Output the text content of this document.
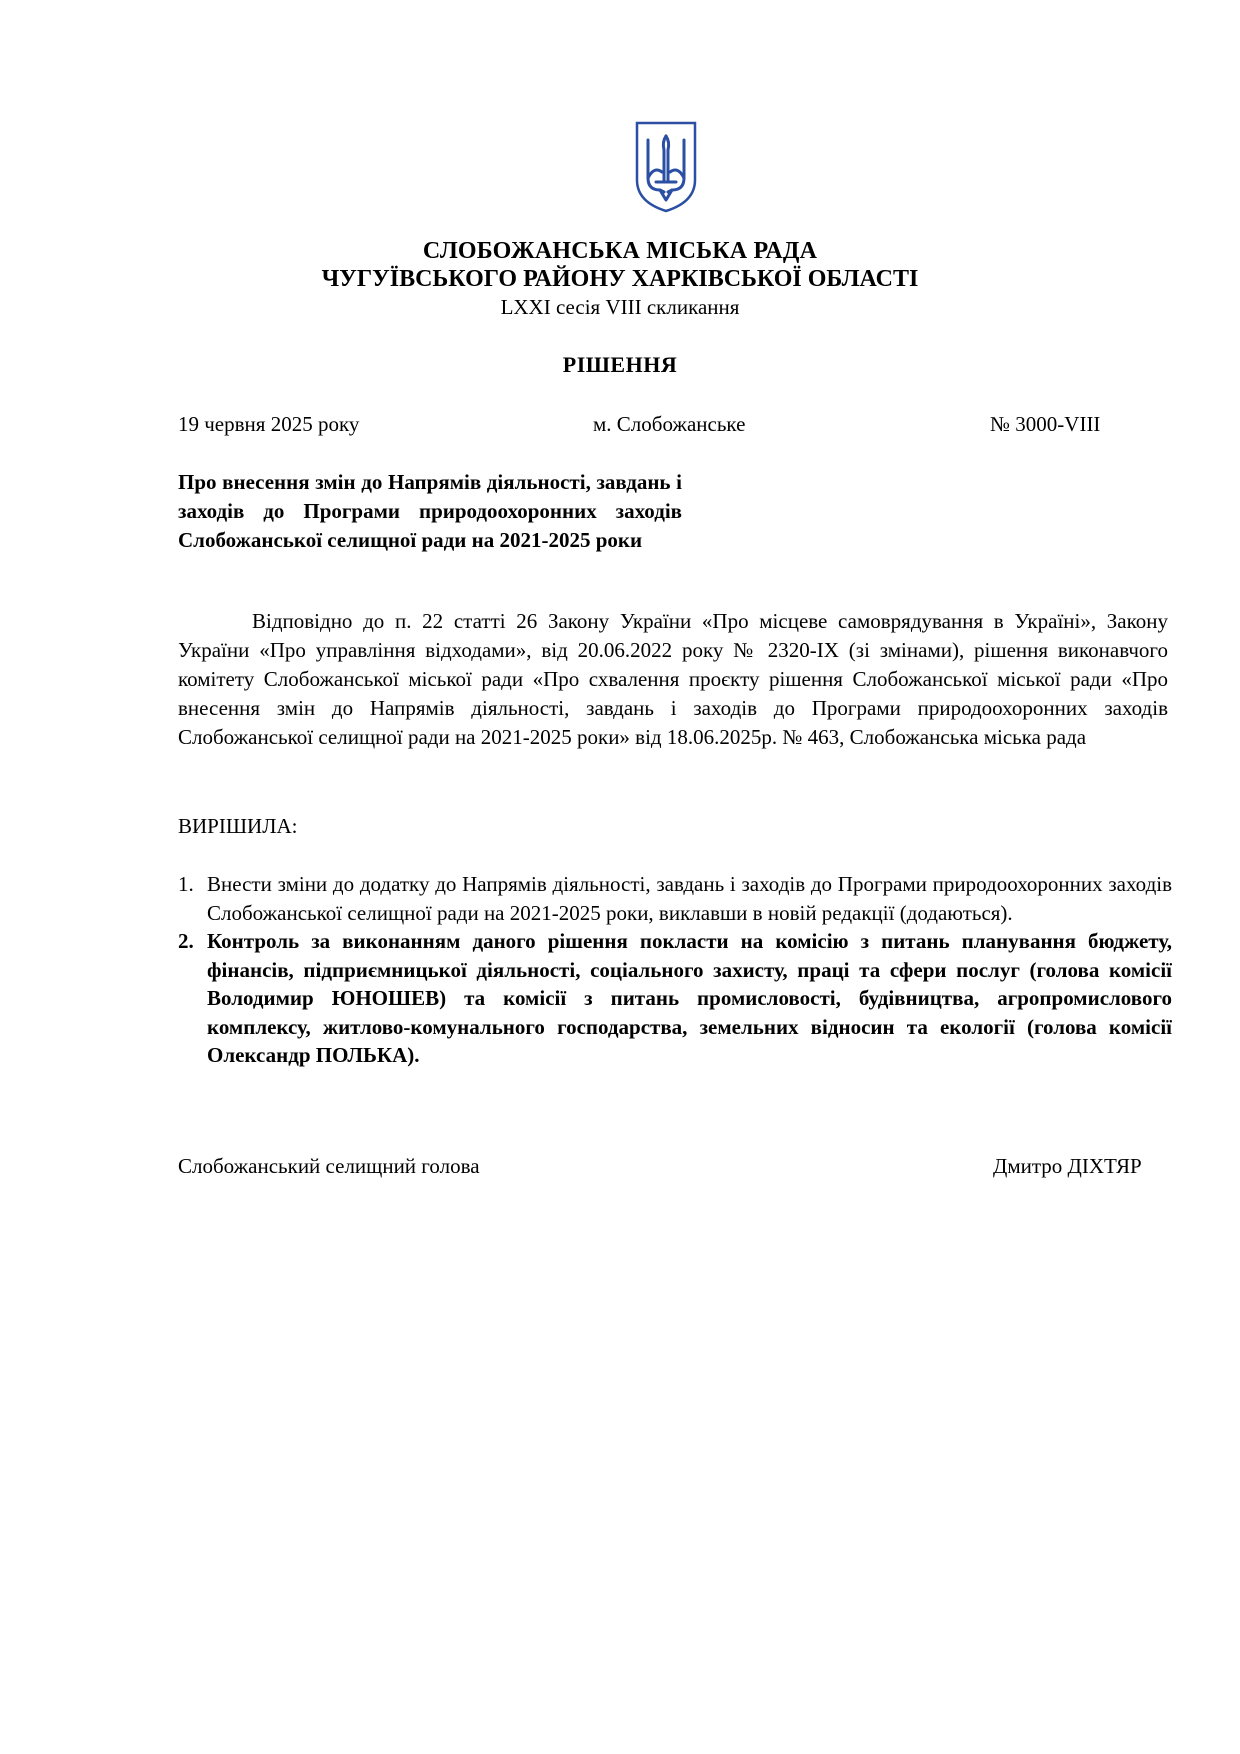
СЛОБОЖАНСЬКА МІСЬКА РАДА
ЧУГУЇВСЬКОГО РАЙОНУ ХАРКІВСЬКОЇ ОБЛАСТІ
LXXI сесія VIII скликання
РІШЕННЯ
19 червня 2025 року	м. Слобожанське	№ 3000-VIII
Про внесення змін до Напрямів діяльності, завдань і заходів до Програми природоохоронних заходів Слобожанської селищної ради на 2021-2025 роки
Відповідно до п. 22 статті 26 Закону України «Про місцеве самоврядування в Україні», Закону України «Про управління відходами», від 20.06.2022 року № 2320-ІХ (зі змінами), рішення виконавчого комітету Слобожанської міської ради «Про схвалення проєкту рішення Слобожанської міської ради «Про внесення змін до Напрямів діяльності, завдань і заходів до Програми природоохоронних заходів Слобожанської селищної ради на 2021-2025 роки» від 18.06.2025р. № 463, Слобожанська міська рада
ВИРІШИЛА:
1. Внести зміни до додатку до Напрямів діяльності, завдань і заходів до Програми природоохоронних заходів Слобожанської селищної ради на 2021-2025 роки, виклавши в новій редакції (додаються).
2. Контроль за виконанням даного рішення покласти на комісію з питань планування бюджету, фінансів, підприємницької діяльності, соціального захисту, праці та сфери послуг (голова комісії Володимир ЮНОШЕВ) та комісії з питань промисловості, будівництва, агропромислового комплексу, житлово-комунального господарства, земельних відносин та екології (голова комісії Олександр ПОЛЬКА).
Слобожанський селищний голова	Дмитро ДІХТЯР
